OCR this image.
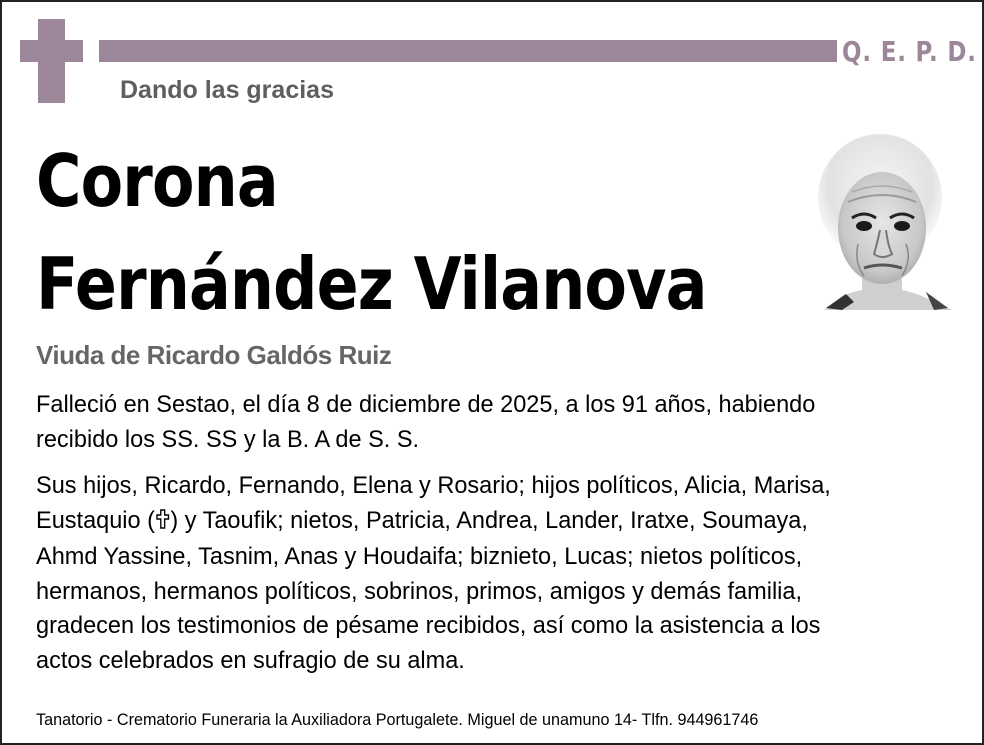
Q. E. P. D.
Dando las gracias
Corona
Fernández Vilanova
Viuda de Ricardo Galdós Ruiz
Falleció en Sestao, el día 8 de diciembre de 2025, a los 91 años, habiendo
recibido los SS. SS y la B. A de S. S.
Sus hijos, Ricardo, Fernando, Elena y Rosario; hijos políticos, Alicia, Marisa,
Eustaquio ( ) y Taoufik; nietos, Patricia, Andrea, Lander, Iratxe, Soumaya,
Ahmd Yassine, Tasnim, Anas y Houdaifa; biznieto, Lucas; nietos políticos,
hermanos, hermanos políticos, sobrinos, primos, amigos y demás familia,
gradecen los testimonios de pésame recibidos, así como la asistencia a los
actos celebrados en sufragio de su alma.
Tanatorio - Crematorio Funeraria la Auxiliadora Portugalete. Miguel de unamuno 14- Tlfn. 944961746
